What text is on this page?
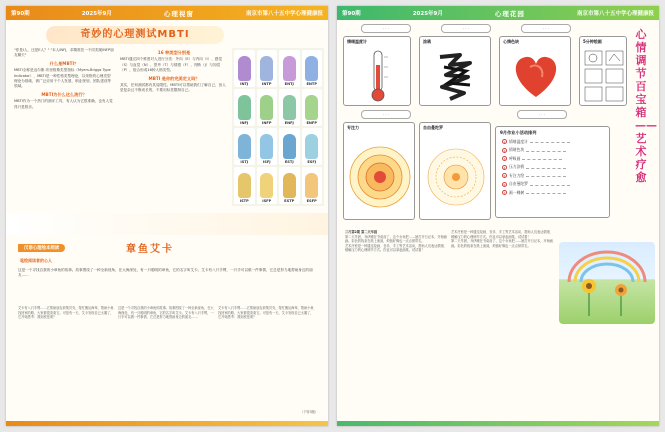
第90期	2025年9月	心理视窗	南京市第八十五中学心理健康报
奇妙的心理测试MBTI

"你是I人，还是E人？" "本人INFJ，求精准扶一个同类呢INFP朋友聊天"

什么是MBTI？

MBTI全称是迈尔斯-布里格斯类型指标（Myers-Briggs Type Indicator），MBTI是一种性格类型理论，以荣格的心理类型理论为基础，被广泛应用于个人发展、职业规划、团队建设等领域。

MBTI为什么这么流行？

MBTI作为一个热门的测评工具，有人认为它很准确，也有人觉得只是娱乐。

16 种类型分别是

MBTI通过四个维度对人进行分类：外向（E）与内向（I）、感觉（S）与直觉（N）、思考（T）与情感（F）、判断（J）与知觉（P），组合形成16种人格类型。

MBTI 是你的完美定义吗？

其实，任何测试都有其局限性。MBTI可以帮助我们了解自己，但人是复杂且不断成长的，不要用标签限制自己。

INTJ	INTP	ENTJ	ENTP
INFJ	INFP	ENFJ	ENFP
ISTJ	ISFJ	ESTJ	ESFJ
ISTP	ISFP	ESTP	ESFP
汉语心理绘本阅读	章鱼艾卡
笔绘阅读者的心人

这是一个寻找自我的小章鱼的故事。故事围绕了一种全新视角，在大海深处，有一只聪明的章鱼，它的名字叫艾卡。艾卡有八只手臂，一只手可以做一件事情，它总是努力地帮助身边的朋友……

艾卡有八只手臂……它帮助朋友收集贝壳，帮忙搬运海草，帮助小鱼找回家的路，大家都很喜欢它。可是有一天，艾卡发现自己太累了，它开始思考：我到底是谁？

这是一个寻找自我的小章鱼的故事。故事围绕了一种全新视角，在大海深处，有一只聪明的章鱼，它的名字叫艾卡。艾卡有八只手臂，一只手可以做一件事情，它总是努力地帮助身边的朋友……

艾卡有八只手臂……它帮助朋友收集贝壳，帮忙搬运海草，帮助小鱼找回家的路，大家都很喜欢它。可是有一天，艾卡发现自己太累了，它开始思考：我到底是谁？

（下转3版）
第90期	2025年9月	心理花园	南京市第八十五中学心理健康报
心情调节百宝箱——艺术疗愈
· · ·	· · ·	· · ·
· · ·	· · ·
情绪温度计	涂鸦	心情色块	5分钟绘画
专注力	自由曼陀罗
9月作业小活动排列
1 情绪温度计
2 情绪色块
3 呼吸画
4 压力涂鸦
5 专注力绘
6 自由曼陀罗
7 画一棵树

三月第2期 第二天早晨

第二天早晨，乔伊睡在书桌前了，这个女孩把……她打开日记本，开始画画。彩色的线条在纸上流淌，烦恼好像也一点点被带走。

艺术疗愈是一种通过绘画、音乐、手工等艺术活动，帮助人们表达情绪、缓解压力的心理调节方式。你也可以拿起画笔，试试看！

艺术疗愈是一种通过绘画、音乐、手工等艺术活动，帮助人们表达情绪、缓解压力的心理调节方式。你也可以拿起画笔，试试看！

第二天早晨，乔伊睡在书桌前了，这个女孩把……她打开日记本，开始画画。彩色的线条在纸上流淌，烦恼好像也一点点被带走。
